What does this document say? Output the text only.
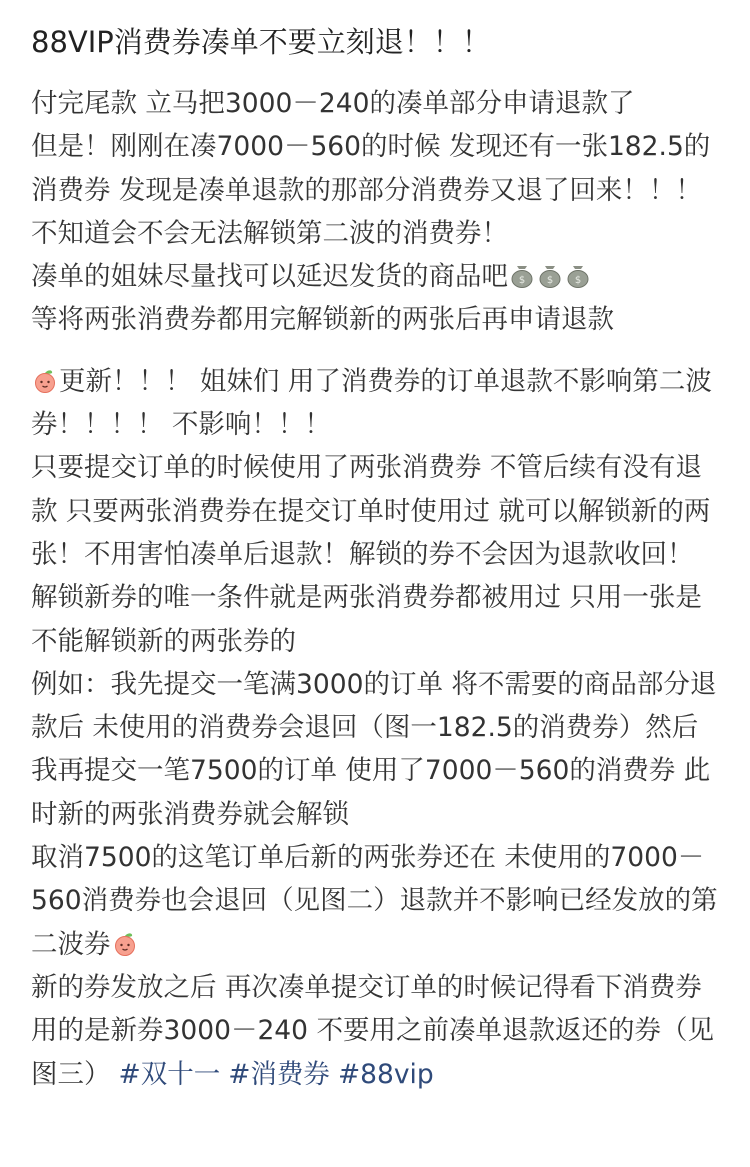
88VIP消费券凑单不要立刻退！！！

付完尾款 立马把3000－240的凑单部分申请退款了

但是！刚刚在凑7000－560的时候 发现还有一张182.5的消费券 发现是凑单退款的那部分消费券又退了回来！！！

不知道会不会无法解锁第二波的消费券！

凑单的姐妹尽量找可以延迟发货的商品吧 $ $ $

等将两张消费券都用完解锁新的两张后再申请退款

更新！！！ 姐妹们 用了消费券的订单退款不影响第二波券！！！！ 不影响！！！

只要提交订单的时候使用了两张消费券 不管后续有没有退款 只要两张消费券在提交订单时使用过 就可以解锁新的两张！不用害怕凑单后退款！解锁的券不会因为退款收回！解锁新券的唯一条件就是两张消费券都被用过 只用一张是不能解锁新的两张券的

例如：我先提交一笔满3000的订单 将不需要的商品部分退款后 未使用的消费券会退回（图一182.5的消费券）然后我再提交一笔7500的订单 使用了7000－560的消费券 此时新的两张消费券就会解锁

取消7500的这笔订单后新的两张券还在 未使用的7000－560消费券也会退回（见图二）退款并不影响已经发放的第二波券

新的券发放之后 再次凑单提交订单的时候记得看下消费券用的是新券3000－240 不要用之前凑单退款返还的券（见图三） #双十一 #消费券 #88vip
